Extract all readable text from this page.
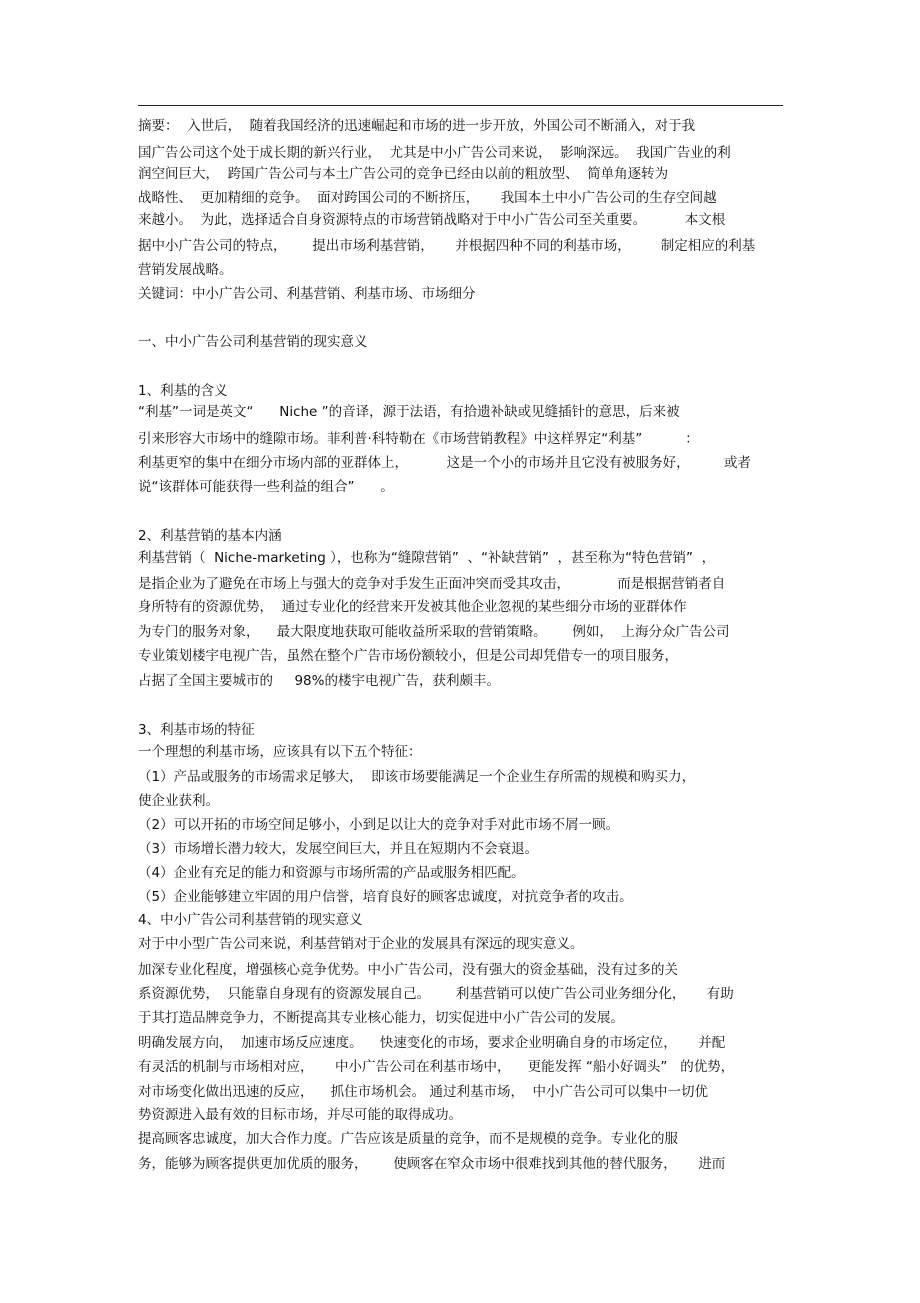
摘要：  入世后，  随着我国经济的迅速崛起和市场的进一步开放，外国公司不断涌入，对于我
国广告公司这个处于成长期的新兴行业，  尤其是中小广告公司来说，  影响深远。  我国广告业的利
润空间巨大，  跨国广告公司与本土广告公司的竞争已经由以前的粗放型、  简单角逐转为
战略性、  更加精细的竞争。  面对跨国公司的不断挤压，     我国本土中小广告公司的生存空间越
来越小。  为此，选择适合自身资源特点的市场营销战略对于中小广告公司至关重要。         本文根
据中小广告公司的特点，      提出市场利基营销，     并根据四种不同的利基市场，       制定相应的利基
营销发展战略。
关键词：中小广告公司、利基营销、利基市场、市场细分
一、中小广告公司利基营销的现实意义
1、利基的含义
“利基”一词是英文“      Niche ”的音译，源于法语，有拾遗补缺或见缝插针的意思，后来被
引来形容大市场中的缝隙市场。菲利普·科特勒在《市场营销教程》中这样界定“利基”          ：
利基更窄的集中在细分市场内部的亚群体上，         这是一个小的市场并且它没有被服务好，        或者
说“该群体可能获得一些利益的组合”      。
2、利基营销的基本内涵
利基营销（  Niche-marketing ），也称为“缝隙营销”  、“补缺营销”  ，甚至称为“特色营销”  ，
是指企业为了避免在市场上与强大的竞争对手发生正面冲突而受其攻击，           而是根据营销者自
身所特有的资源优势，  通过专业化的经营来开发被其他企业忽视的某些细分市场的亚群体作
为专门的服务对象，    最大限度地获取可能收益所采取的营销策略。      例如，  上海分众广告公司
专业策划楼宇电视广告，虽然在整个广告市场份额较小，但是公司却凭借专一的项目服务，
占据了全国主要城市的     98%的楼宇电视广告，获利颇丰。
3、利基市场的特征
一个理想的利基市场，应该具有以下五个特征：
（1）产品或服务的市场需求足够大，  即该市场要能满足一个企业生存所需的规模和购买力，
使企业获利。
（2）可以开拓的市场空间足够小，小到足以让大的竞争对手对此市场不屑一顾。
（3）市场增长潜力较大，发展空间巨大，并且在短期内不会衰退。
（4）企业有充足的能力和资源与市场所需的产品或服务相匹配。
（5）企业能够建立牢固的用户信誉，培育良好的顾客忠诚度，对抗竞争者的攻击。
4、中小广告公司利基营销的现实意义
对于中小型广告公司来说，利基营销对于企业的发展具有深远的现实意义。
加深专业化程度，增强核心竞争优势。中小广告公司，没有强大的资金基础，没有过多的关
系资源优势，  只能靠自身现有的资源发展自己。      利基营销可以使广告公司业务细分化，     有助
于其打造品牌竞争力，不断提高其专业核心能力，切实促进中小广告公司的发展。
明确发展方向，  加速市场反应速度。    快速变化的市场，要求企业明确自身的市场定位，     并配
有灵活的机制与市场相对应，     中小广告公司在利基市场中，    更能发挥 “船小好调头”   的优势，
对市场变化做出迅速的反应，    抓住市场机会。 通过利基市场，  中小广告公司可以集中一切优
势资源进入最有效的目标市场，并尽可能的取得成功。
提高顾客忠诚度，加大合作力度。广告应该是质量的竞争，而不是规模的竞争。专业化的服
务，能够为顾客提供更加优质的服务，      使顾客在窄众市场中很难找到其他的替代服务，     进而
